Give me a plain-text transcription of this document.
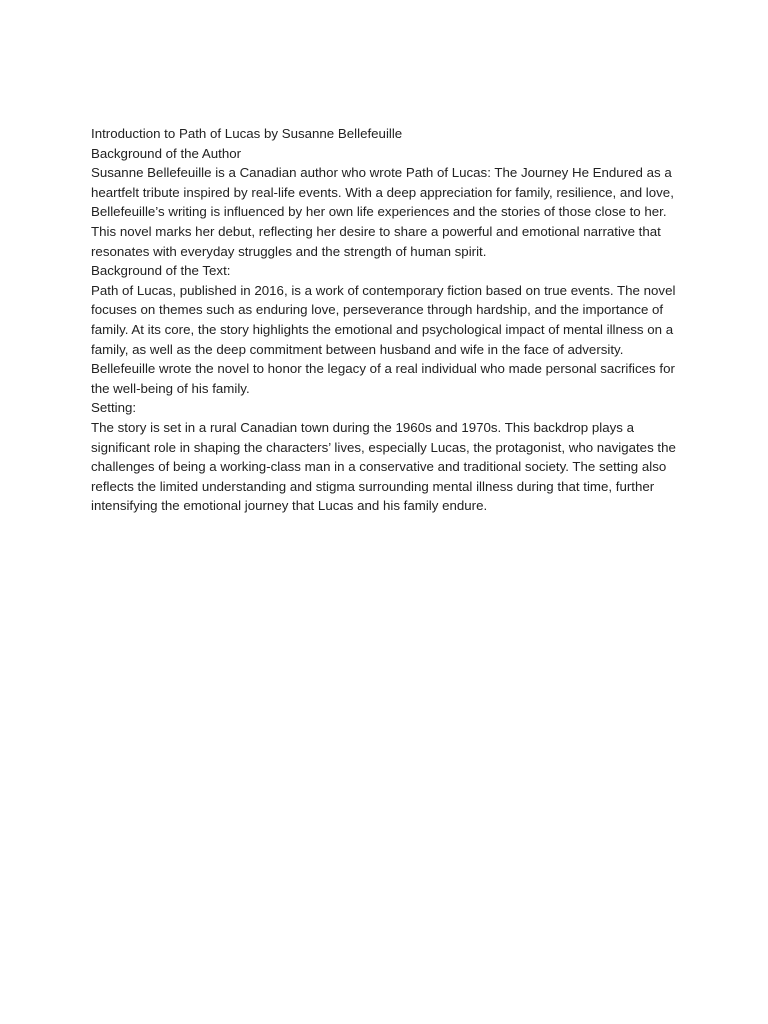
Introduction to Path of Lucas by Susanne Bellefeuille

Background of the Author

Susanne Bellefeuille is a Canadian author who wrote Path of Lucas: The Journey He Endured as a heartfelt tribute inspired by real-life events. With a deep appreciation for family, resilience, and love, Bellefeuille’s writing is influenced by her own life experiences and the stories of those close to her. This novel marks her debut, reflecting her desire to share a powerful and emotional narrative that resonates with everyday struggles and the strength of human spirit.

Background of the Text:

Path of Lucas, published in 2016, is a work of contemporary fiction based on true events. The novel focuses on themes such as enduring love, perseverance through hardship, and the importance of family. At its core, the story highlights the emotional and psychological impact of mental illness on a family, as well as the deep commitment between husband and wife in the face of adversity. Bellefeuille wrote the novel to honor the legacy of a real individual who made personal sacrifices for the well-being of his family.

Setting:

The story is set in a rural Canadian town during the 1960s and 1970s. This backdrop plays a significant role in shaping the characters’ lives, especially Lucas, the protagonist, who navigates the challenges of being a working-class man in a conservative and traditional society. The setting also reflects the limited understanding and stigma surrounding mental illness during that time, further intensifying the emotional journey that Lucas and his family endure.
